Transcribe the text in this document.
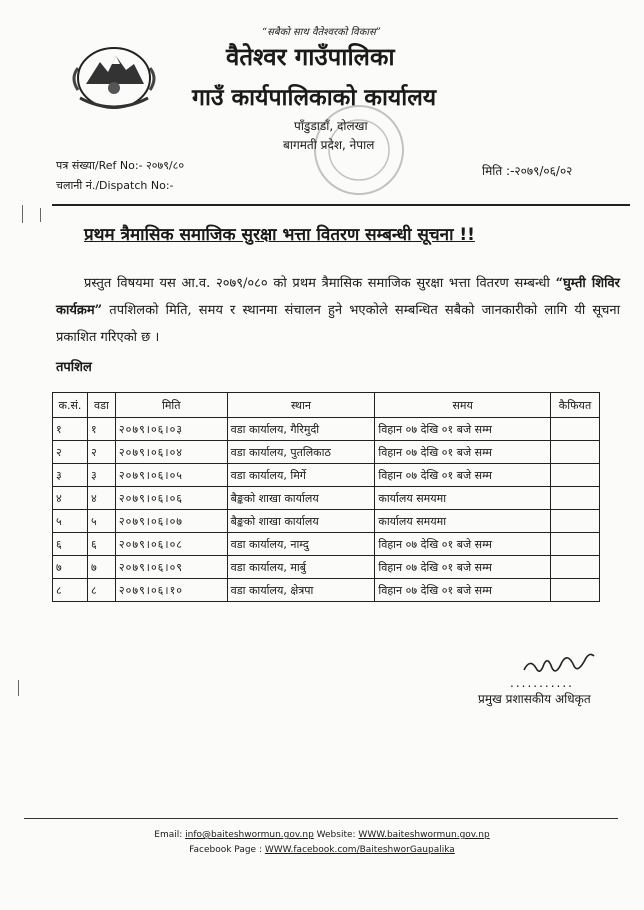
“सबैको साथ वैतेश्वरको विकास”
वैतेश्वर गाउँपालिका
गाउँ कार्यपालिकाको कार्यालय
पाँडुडाडाँ, दोलखा
बागमती प्रदेश, नेपाल
पत्र संख्या/Ref No:- २०७९/८०
चलानी नं./Dispatch No:-
मिति :-२०७९/०६/०२
प्रथम त्रैमासिक समाजिक सुरक्षा भत्ता वितरण सम्बन्धी सूचना !!
प्रस्तुत विषयमा यस आ.व. २०७९/०८० को प्रथम त्रैमासिक समाजिक सुरक्षा भत्ता वितरण सम्बन्धी “घुम्ती शिविर कार्यक्रम” तपशिलको मिति, समय र स्थानमा संचालन हुने भएकोले सम्बन्धित सबैको जानकारीको लागि यी सूचना प्रकाशित गरिएको छ ।
तपशिल
क.सं.	वडा	मिति	स्थान	समय	कैफियत
१	१	२०७९।०६।०३	वडा कार्यालय, गैरिमुदी	विहान ०७ देखि ०१ बजे सम्म	
२	२	२०७९।०६।०४	वडा कार्यालय, पुतलिकाठ	विहान ०७ देखि ०१ बजे सम्म	
३	३	२०७९।०६।०५	वडा कार्यालय, मिर्गे	विहान ०७ देखि ०१ बजे सम्म	
४	४	२०७९।०६।०६	बैङ्कको शाखा कार्यालय	कार्यालय समयमा	
५	५	२०७९।०६।०७	बैङ्कको शाखा कार्यालय	कार्यालय समयमा	
६	६	२०७९।०६।०८	वडा कार्यालय, नाम्दु	विहान ०७ देखि ०१ बजे सम्म	
७	७	२०७९।०६।०९	वडा कार्यालय, मार्बु	विहान ०७ देखि ०१ बजे सम्म	
८	८	२०७९।०६।१०	वडा कार्यालय, क्षेत्रपा	विहान ०७ देखि ०१ बजे सम्म	
...........
प्रमुख प्रशासकीय अधिकृत
Email: info@baiteshwormun.gov.np Website: WWW.baiteshwormun.gov.np
Facebook Page : WWW.facebook.com/BaiteshworGaupalika
